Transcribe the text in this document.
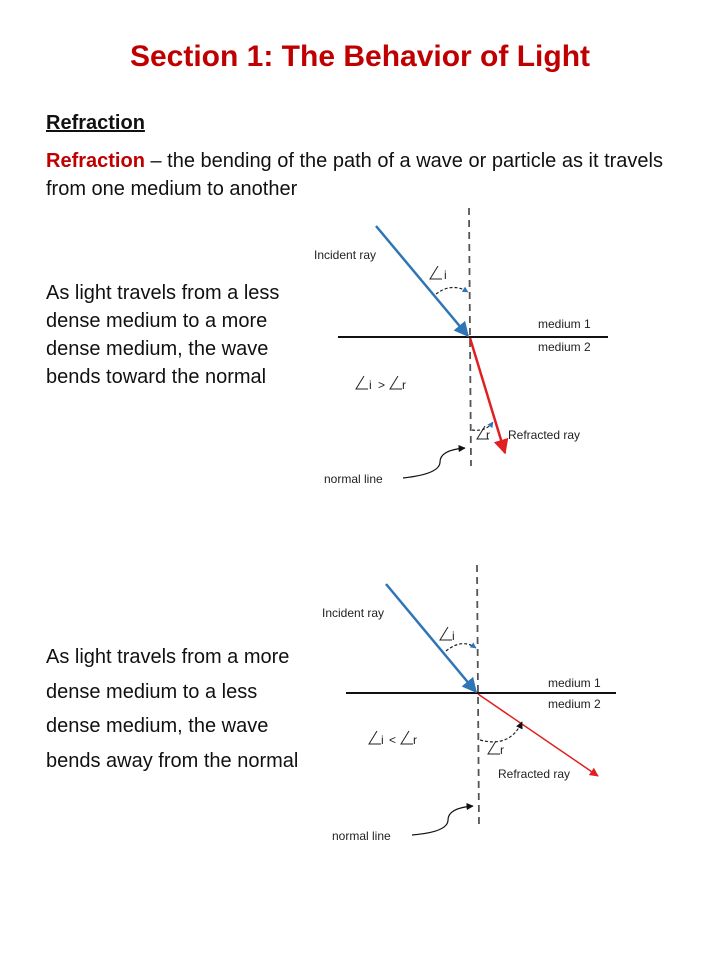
Section 1: The Behavior of Light
Refraction
Refraction – the bending of the path of a wave or particle as it travels from one medium to another
As light travels from a less
dense medium to a more
dense medium, the wave
bends toward the normal
As light travels from a more
dense medium to a less
dense medium, the wave
bends away from the normal
Incident ray
i
medium 1
medium 2
i > r
r Refracted ray
normal line
Incident ray
i
medium 1
medium 2
i < r
r
Refracted ray
normal line
